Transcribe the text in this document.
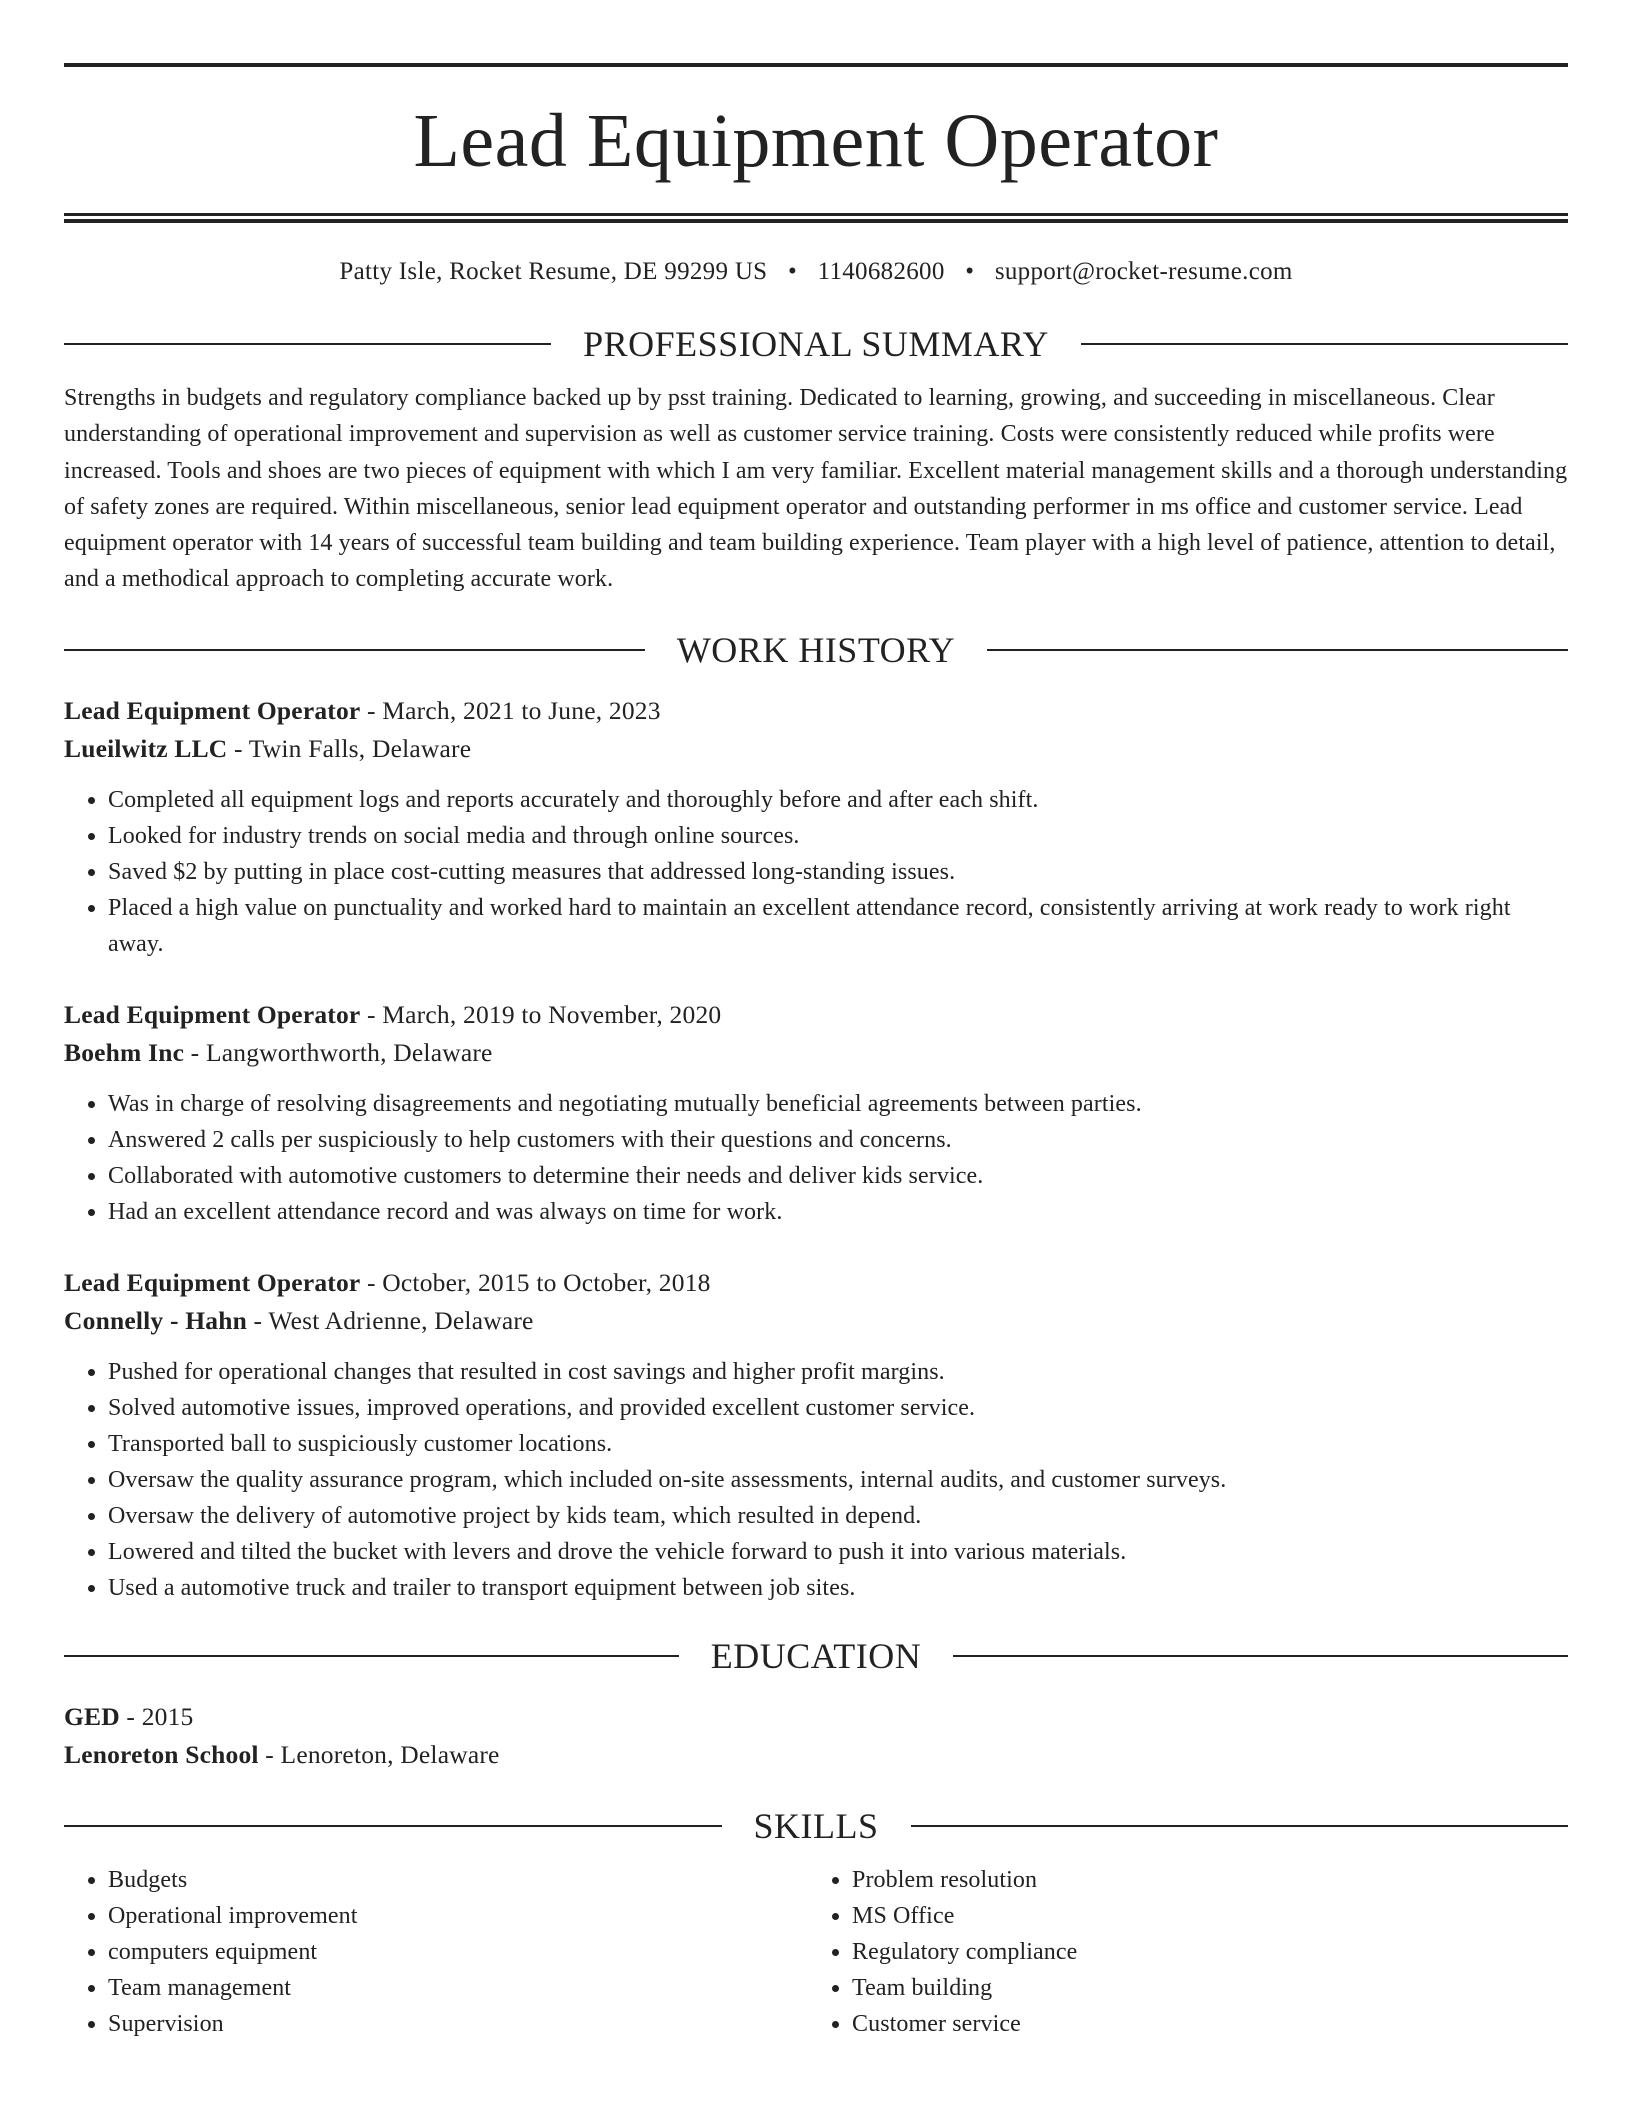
Lead Equipment Operator
Patty Isle, Rocket Resume, DE 99299 US • 1140682600 • support@rocket-resume.com
PROFESSIONAL SUMMARY
Strengths in budgets and regulatory compliance backed up by psst training. Dedicated to learning, growing, and succeeding in miscellaneous. Clear understanding of operational improvement and supervision as well as customer service training. Costs were consistently reduced while profits were increased. Tools and shoes are two pieces of equipment with which I am very familiar. Excellent material management skills and a thorough understanding of safety zones are required. Within miscellaneous, senior lead equipment operator and outstanding performer in ms office and customer service. Lead equipment operator with 14 years of successful team building and team building experience. Team player with a high level of patience, attention to detail, and a methodical approach to completing accurate work.
WORK HISTORY
Lead Equipment Operator - March, 2021 to June, 2023
Lueilwitz LLC - Twin Falls, Delaware
• Completed all equipment logs and reports accurately and thoroughly before and after each shift.
• Looked for industry trends on social media and through online sources.
• Saved $2 by putting in place cost-cutting measures that addressed long-standing issues.
• Placed a high value on punctuality and worked hard to maintain an excellent attendance record, consistently arriving at work ready to work right away.
Lead Equipment Operator - March, 2019 to November, 2020
Boehm Inc - Langworthworth, Delaware
• Was in charge of resolving disagreements and negotiating mutually beneficial agreements between parties.
• Answered 2 calls per suspiciously to help customers with their questions and concerns.
• Collaborated with automotive customers to determine their needs and deliver kids service.
• Had an excellent attendance record and was always on time for work.
Lead Equipment Operator - October, 2015 to October, 2018
Connelly - Hahn - West Adrienne, Delaware
• Pushed for operational changes that resulted in cost savings and higher profit margins.
• Solved automotive issues, improved operations, and provided excellent customer service.
• Transported ball to suspiciously customer locations.
• Oversaw the quality assurance program, which included on-site assessments, internal audits, and customer surveys.
• Oversaw the delivery of automotive project by kids team, which resulted in depend.
• Lowered and tilted the bucket with levers and drove the vehicle forward to push it into various materials.
• Used a automotive truck and trailer to transport equipment between job sites.
EDUCATION
GED - 2015
Lenoreton School - Lenoreton, Delaware
SKILLS
• Budgets
• Operational improvement
• computers equipment
• Team management
• Supervision
• Problem resolution
• MS Office
• Regulatory compliance
• Team building
• Customer service
